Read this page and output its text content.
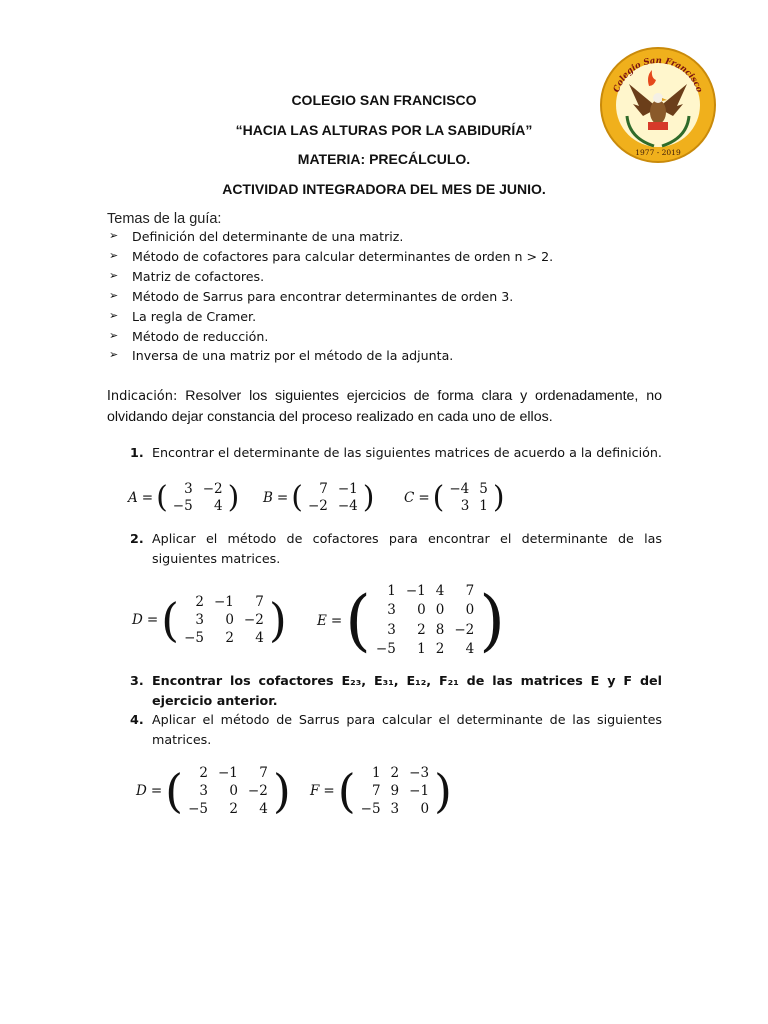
COLEGIO SAN FRANCISCO
“HACIA LAS ALTURAS POR LA SABIDURÍA”
MATERIA: PRECÁLCULO.
ACTIVIDAD INTEGRADORA DEL MES DE JUNIO.
Colegio San Francisco
1977 - 2019
Temas de la guía:
➢ Definición del determinante de una matriz.
➢ Método de cofactores para calcular determinantes de orden n > 2.
➢ Matriz de cofactores.
➢ Método de Sarrus para encontrar determinantes de orden 3.
➢ La regla de Cramer.
➢ Método de reducción.
➢ Inversa de una matriz por el método de la adjunta.
Indicación: Resolver los siguientes ejercicios de forma clara y ordenadamente, no olvidando dejar constancia del proceso realizado en cada uno de ellos.
1. Encontrar el determinante de las siguientes matrices de acuerdo a la definición.
A = ( 3	−2
−5	4 ) B = ( 7	−1
−2	−4 ) C = ( −4	5
3	1 )
2. Aplicar el método de cofactores para encontrar el determinante de las siguientes matrices.
D = ( 2	−1	7
3	0	−2
−5	2	4 ) E = ( 1	−1	4	7
3	0	0	0
3	2	8	−2
−5	1	2	4 )
3. Encontrar los cofactores E₂₃, E₃₁, E₁₂, F₂₁ de las matrices E y F del ejercicio anterior.
4. Aplicar el método de Sarrus para calcular el determinante de las siguientes matrices.
D = ( 2	−1	7
3	0	−2
−5	2	4 ) F = ( 1	2	−3
7	9	−1
−5	3	0 )
